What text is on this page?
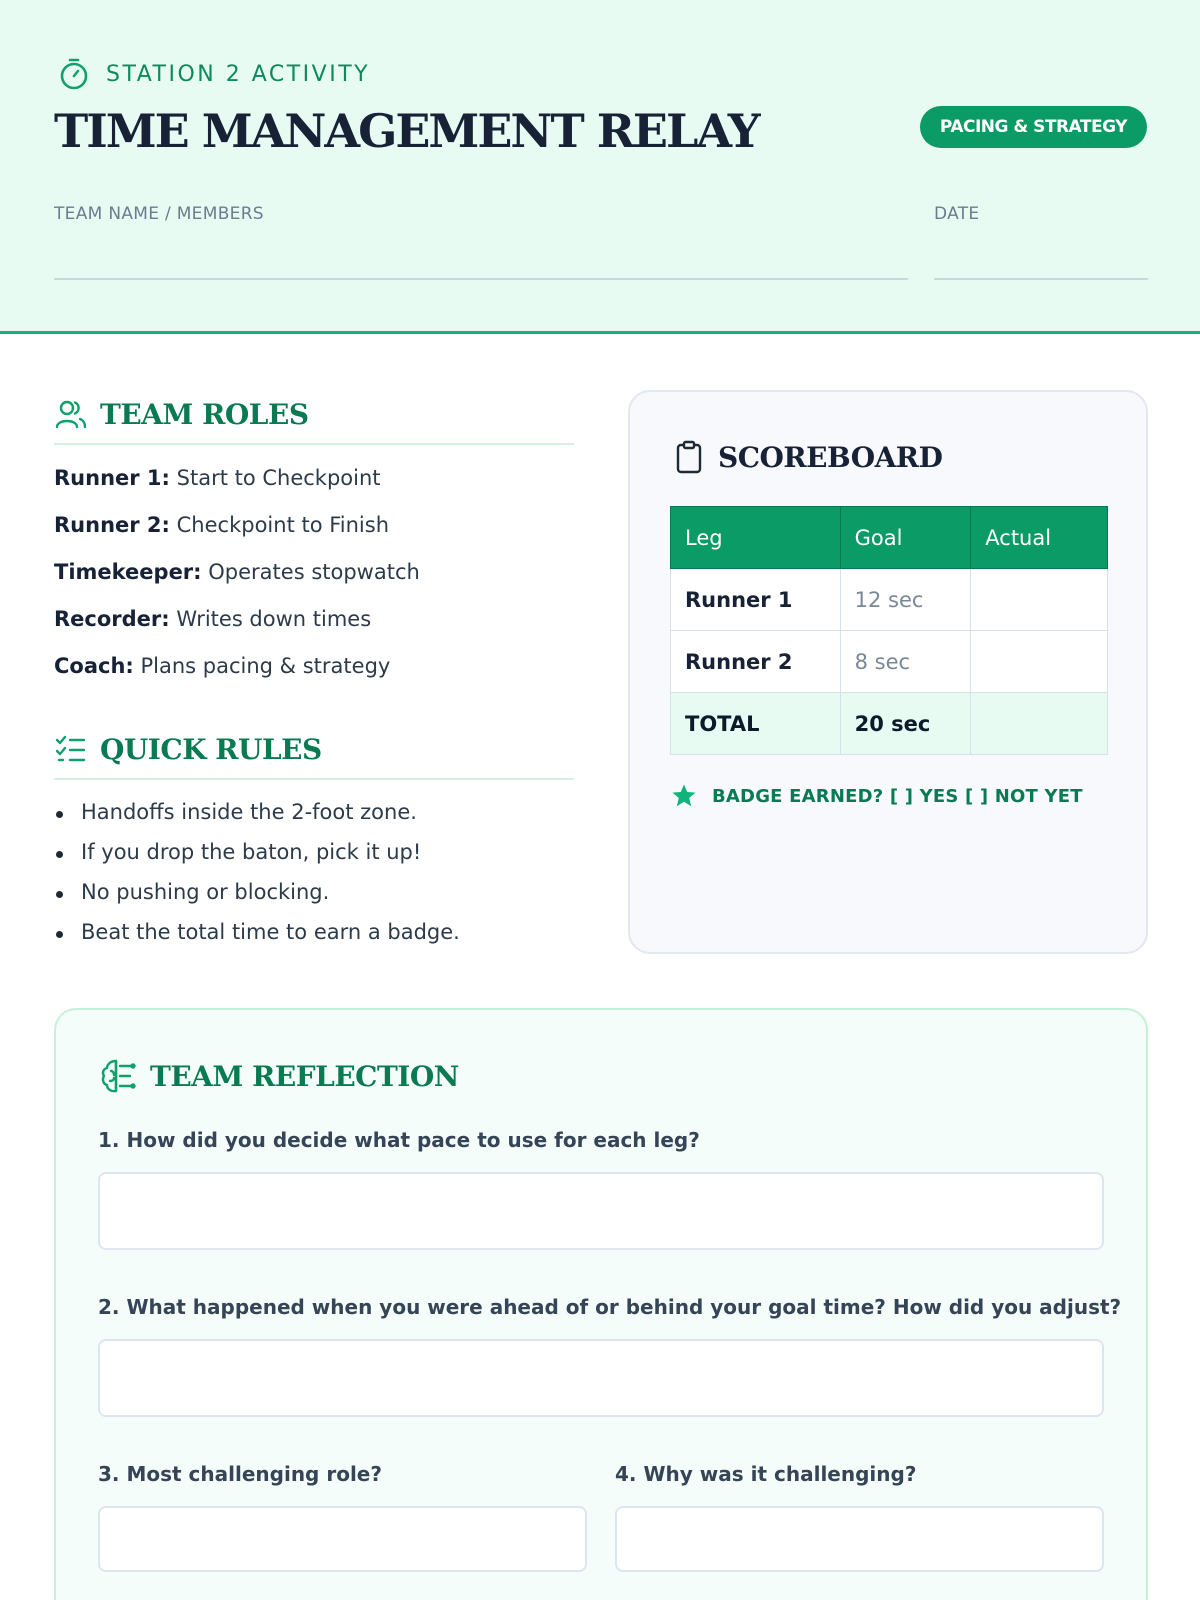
STATION 2 ACTIVITY
TIME MANAGEMENT RELAY	PACING & STRATEGY
TEAM NAME / MEMBERS	DATE
TEAM ROLES
Runner 1: Start to Checkpoint
Runner 2: Checkpoint to Finish
Timekeeper: Operates stopwatch
Recorder: Writes down times
Coach: Plans pacing & strategy
QUICK RULES
Handoffs inside the 2-foot zone.
If you drop the baton, pick it up!
No pushing or blocking.
Beat the total time to earn a badge.
SCOREBOARD
Leg	Goal	Actual
Runner 1	12 sec	
Runner 2	8 sec	
TOTAL	20 sec	
BADGE EARNED? [ ] YES [ ] NOT YET
TEAM REFLECTION
1. How did you decide what pace to use for each leg?
2. What happened when you were ahead of or behind your goal time? How did you adjust?
3. Most challenging role?	4. Why was it challenging?
